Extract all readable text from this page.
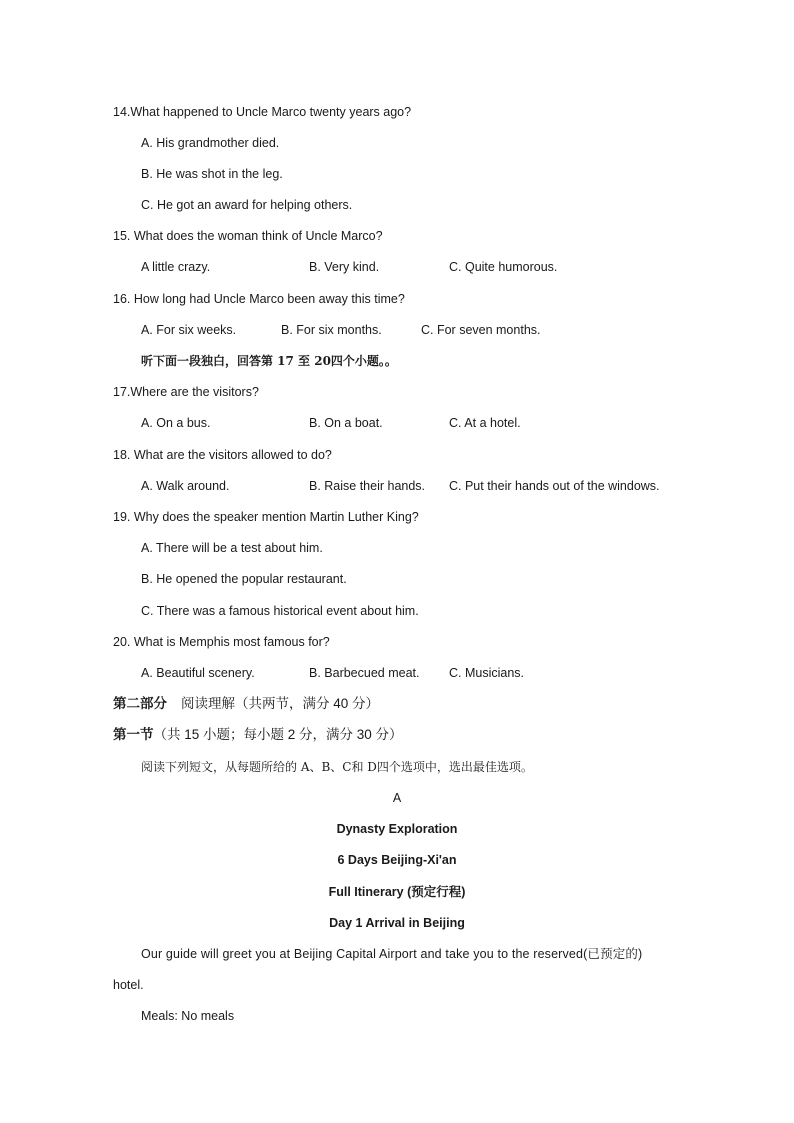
14.What happened to Uncle Marco twenty years ago?
A. His grandmother died.
B. He was shot in the leg.
C. He got an award for helping others.
15. What does the woman think of Uncle Marco?
A little crazy.	B. Very kind.	C. Quite humorous.
16. How long had Uncle Marco been away this time?
A. For six weeks.	B. For six months.	C. For seven months.
听下面一段独白，回答第 17 至 20四个小题。。
17.Where are the visitors?
A. On a bus.	B. On a boat.	C. At a hotel.
18. What are the visitors allowed to do?
A. Walk around.	B. Raise their hands. C. Put their hands out of the windows.
19. Why does the speaker mention Martin Luther King?
A. There will be a test about him.
B. He opened the popular restaurant.
C. There was a famous historical event about him.
20. What is Memphis most famous for?
A. Beautiful scenery.	B. Barbecued meat. C. Musicians.
第二部分 阅读理解（共两节，满分 40 分）
第一节（共 15 小题；每小题 2 分，满分 30 分）
阅读下列短文，从每题所给的 A、B、C和 D四个选项中，选出最佳选项。
A
Dynasty Exploration
6 Days Beijing-Xi'an
Full Itinerary (预定行程)
Day 1 Arrival in Beijing
Our guide will greet you at Beijing Capital Airport and take you to the reserved(已预定的)
hotel.
Meals: No meals
